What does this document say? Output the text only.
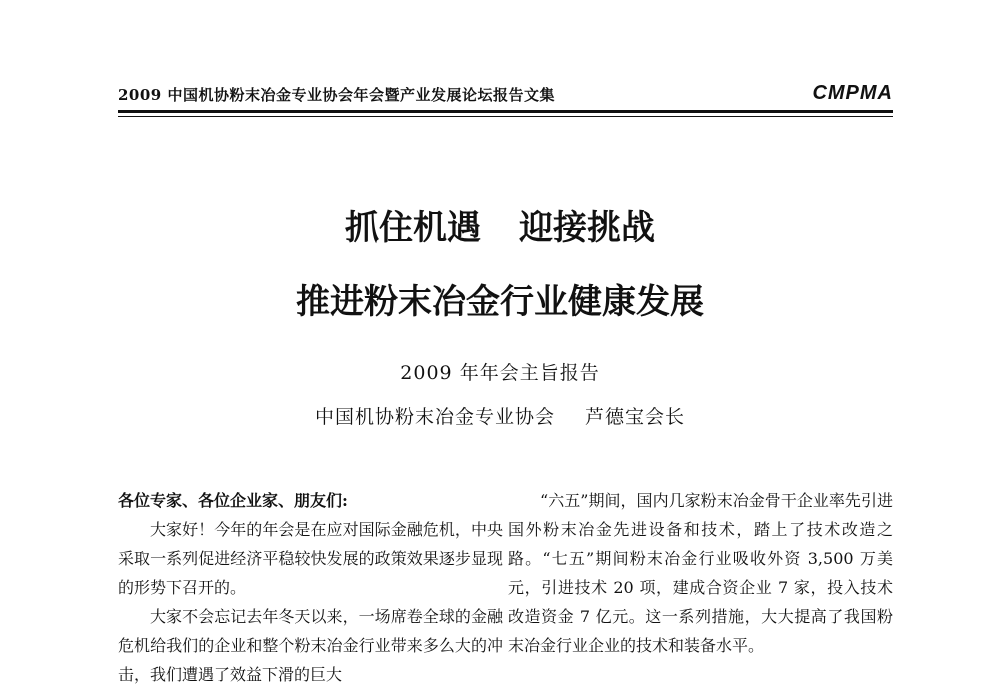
2009 中国机协粉末冶金专业协会年会暨产业发展论坛报告文集	CMPMA
抓住机遇 迎接挑战
推进粉末冶金行业健康发展
2009 年年会主旨报告
中国机协粉末冶金专业协会 芦德宝会长

各位专家、各位企业家、朋友们:

大家好！今年的年会是在应对国际金融危机，中央采取一系列促进经济平稳较快发展的政策效果逐步显现的形势下召开的。

大家不会忘记去年冬天以来，一场席卷全球的金融危机给我们的企业和整个粉末冶金行业带来多么大的冲击，我们遭遇了效益下滑的巨大

“六五”期间，国内几家粉末冶金骨干企业率先引进国外粉末冶金先进设备和技术，踏上了技术改造之路。“七五”期间粉末冶金行业吸收外资 3,500 万美元，引进技术 20 项，建成合资企业 7 家，投入技术改造资金 7 亿元。这一系列措施，大大提高了我国粉末冶金行业企业的技术和装备水平。
